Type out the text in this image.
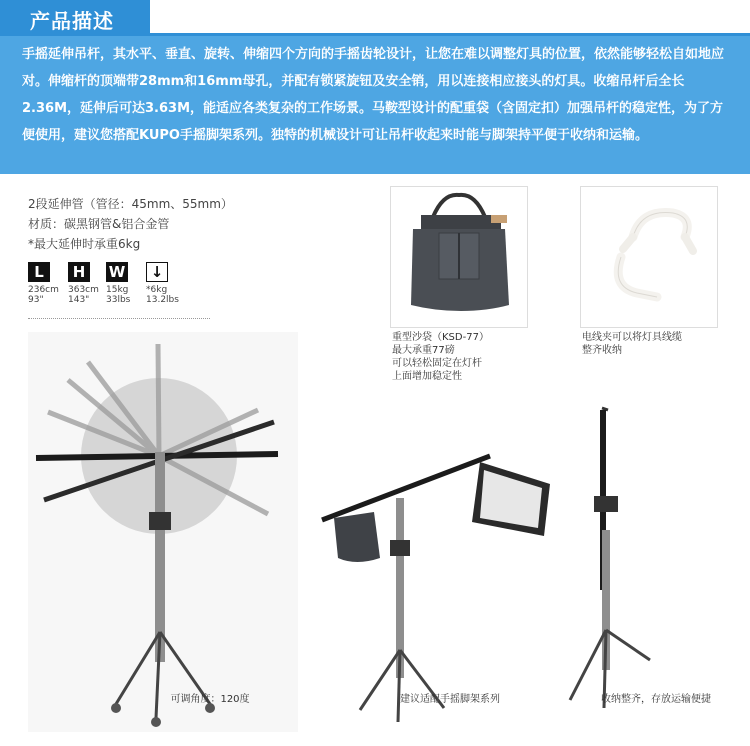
产品描述

手摇延伸吊杆，其水平、垂直、旋转、伸缩四个方向的手摇齿轮设计，让您在难以调整灯具的位置，依然能够轻松自如地应对。伸缩杆的顶端带28mm和16mm母孔，并配有锁紧旋钮及安全销，用以连接相应接头的灯具。收缩吊杆后全长2.36M，延伸后可达3.63M，能适应各类复杂的工作场景。马鞍型设计的配重袋（含固定扣）加强吊杆的稳定性，为了方便使用，建议您搭配KUPO手摇脚架系列。独特的机械设计可让吊杆收起来时能与脚架持平便于收纳和运输。

2段延伸管（管径：45mm、55mm）
材质：碳黑钢管&铝合金管
*最大延伸时承重6kg
L
236cm
93"
H
363cm
143"
W
15kg
33lbs
↓
*6kg
13.2lbs
重型沙袋（KSD-77）
最大承重77磅
可以轻松固定在灯杆
上面增加稳定性
电线夹可以将灯具线缆
整齐收纳
可调角度：120度	建议适配手摇脚架系列	收纳整齐，存放运输便捷
